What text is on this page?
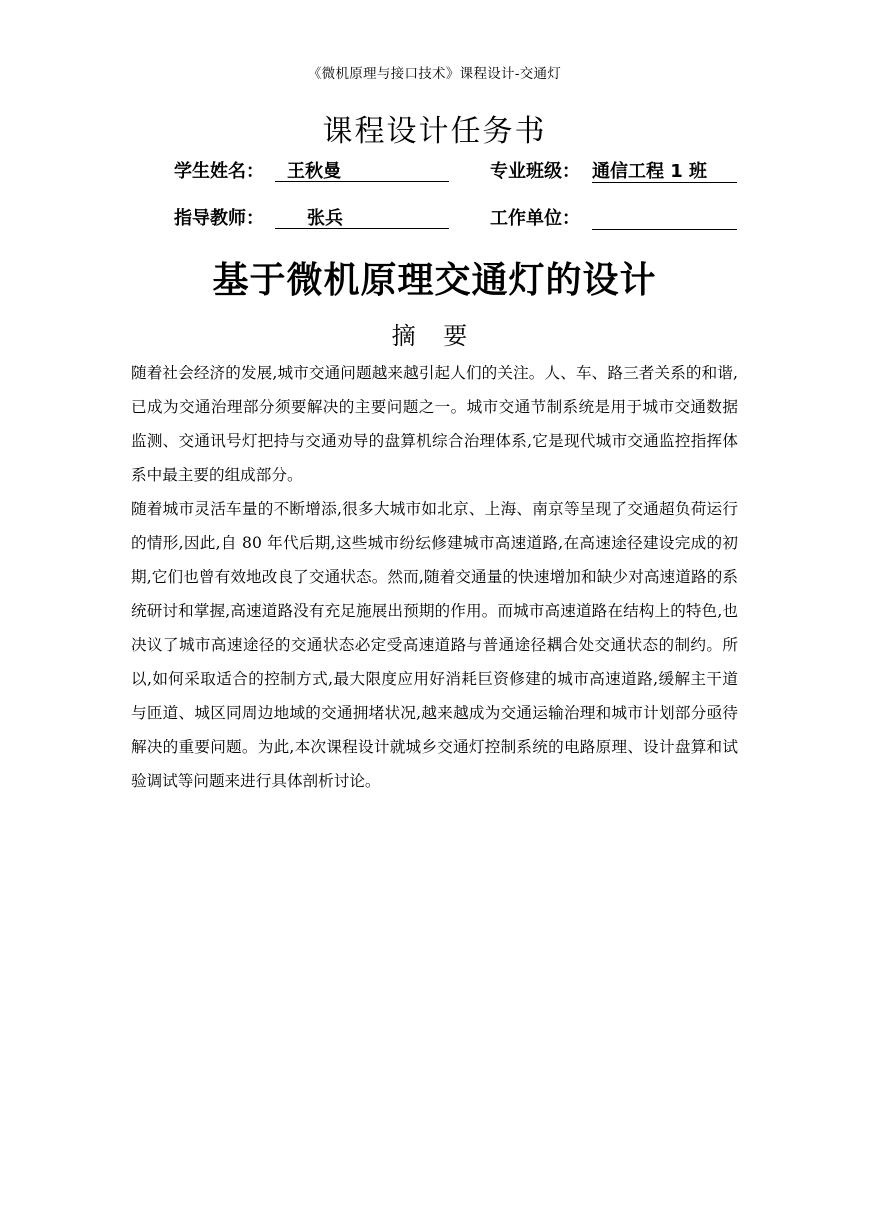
《微机原理与接口技术》课程设计-交通灯
课程设计任务书
学生姓名：	王秋曼	专业班级： 通信工程 1 班
指导教师：	张兵	工作单位：
基于微机原理交通灯的设计
摘 要

随着社会经济的发展,城市交通问题越来越引起人们的关注。人、车、路三者关系的和谐,已成为交通治理部分须要解决的主要问题之一。城市交通节制系统是用于城市交通数据监测、交通讯号灯把持与交通劝导的盘算机综合治理体系,它是现代城市交通监控指挥体系中最主要的组成部分。

随着城市灵活车量的不断增添,很多大城市如北京、上海、南京等呈现了交通超负荷运行的情形,因此,自 80 年代后期,这些城市纷纭修建城市高速道路,在高速途径建设完成的初期,它们也曾有效地改良了交通状态。然而,随着交通量的快速增加和缺少对高速道路的系统研讨和掌握,高速道路没有充足施展出预期的作用。而城市高速道路在结构上的特色,也决议了城市高速途径的交通状态必定受高速道路与普通途径耦合处交通状态的制约。所以,如何采取适合的控制方式,最大限度应用好消耗巨资修建的城市高速道路,缓解主干道与匝道、城区同周边地域的交通拥堵状况,越来越成为交通运输治理和城市计划部分亟待解决的重要问题。为此,本次课程设计就城乡交通灯控制系统的电路原理、设计盘算和试验调试等问题来进行具体剖析讨论。
